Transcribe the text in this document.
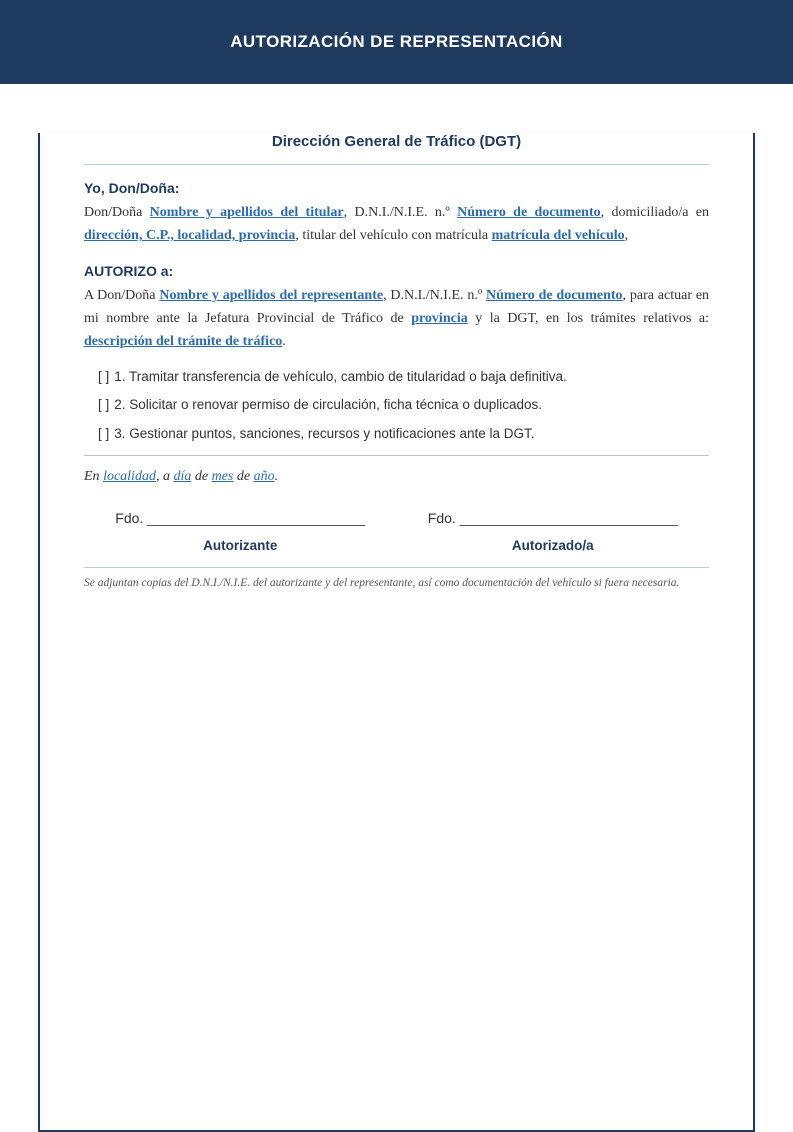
AUTORIZACIÓN DE REPRESENTACIÓN
Dirección General de Tráfico (DGT)
Yo, Don/Doña:

Don/Doña Nombre y apellidos del titular, D.N.I./N.I.E. n.º Número de documento, domiciliado/a en dirección, C.P., localidad, provincia, titular del vehículo con matrícula matrícula del vehículo,

AUTORIZO a:

A Don/Doña Nombre y apellidos del representante, D.N.I./N.I.E. n.º Número de documento, para actuar en mi nombre ante la Jefatura Provincial de Tráfico de provincia y la DGT, en los trámites relativos a: descripción del trámite de tráfico.

[ ] 1. Tramitar transferencia de vehículo, cambio de titularidad o baja definitiva.
[ ] 2. Solicitar o renovar permiso de circulación, ficha técnica o duplicados.
[ ] 3. Gestionar puntos, sanciones, recursos y notificaciones ante la DGT.

En localidad, a día de mes de año.

Fdo. ____________________________
Autorizante
Fdo. ____________________________
Autorizado/a

Se adjuntan copias del D.N.I./N.I.E. del autorizante y del representante, así como documentación del vehículo si fuera necesaria.
